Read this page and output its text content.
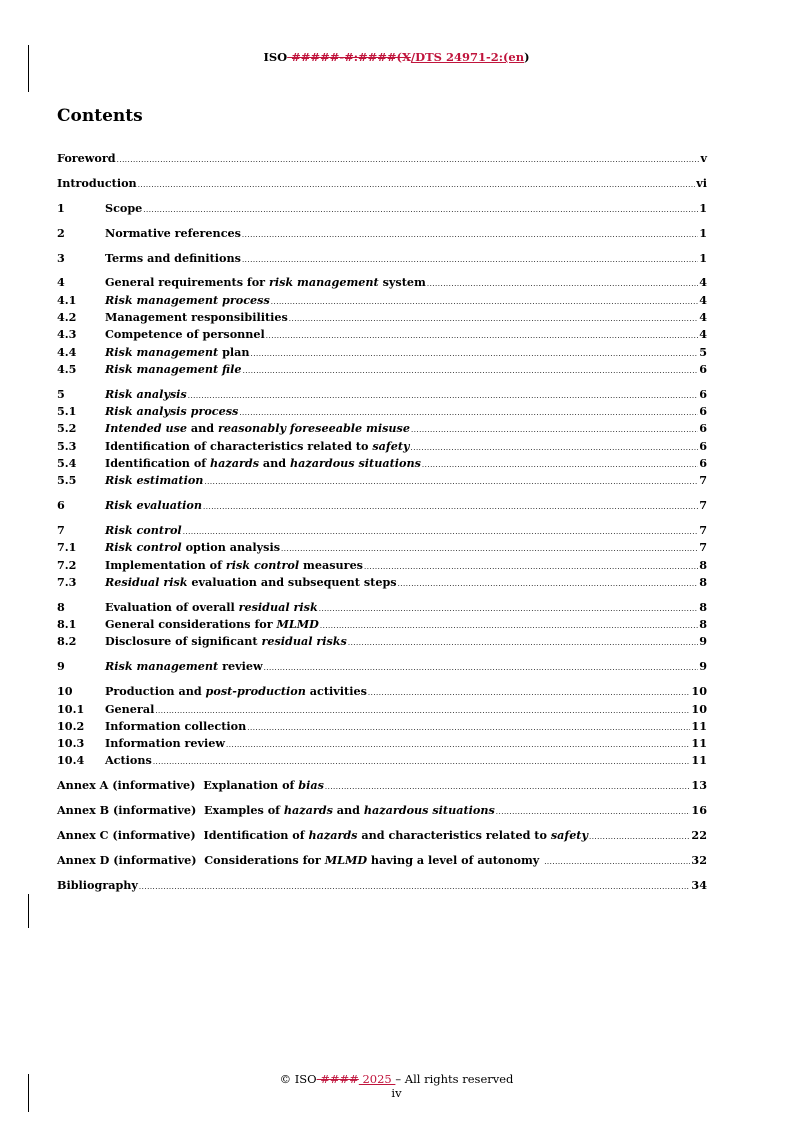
ISO #####-#:####(X/DTS 24971-2:(en)
Contents
Foreword .....	v
Introduction .....	vi
1	Scope .....	1
2	Normative references .....	1
3	Terms and definitions .....	1
4	General requirements for risk management system .....	4
4.1	Risk management process .....	4
4.2	Management responsibilities .....	4
4.3	Competence of personnel .....	4
4.4	Risk management plan .....	5
4.5	Risk management file .....	6
5	Risk analysis .....	6
5.1	Risk analysis process .....	6
5.2	Intended use and reasonably foreseeable misuse .....	6
5.3	Identification of characteristics related to safety .....	6
5.4	Identification of hazards and hazardous situations .....	6
5.5	Risk estimation .....	7
6	Risk evaluation .....	7
7	Risk control .....	7
7.1	Risk control option analysis .....	7
7.2	Implementation of risk control measures .....	8
7.3	Residual risk evaluation and subsequent steps .....	8
8	Evaluation of overall residual risk .....	8
8.1	General considerations for MLMD .....	8
8.2	Disclosure of significant residual risks .....	9
9	Risk management review .....	9
10	Production and post-production activities .....	10
10.1	General .....	10
10.2	Information collection .....	11
10.3	Information review .....	11
10.4	Actions .....	11
Annex A (informative)  Explanation of bias .....	13
Annex B (informative)  Examples of hazards and hazardous situations .....	16
Annex C (informative)  Identification of hazards and characteristics related to safety .....	22
Annex D (informative)  Considerations for MLMD having a level of autonomy .....	32
Bibliography .....	34
© ISO #### 2025 – All rights reserved
iv
